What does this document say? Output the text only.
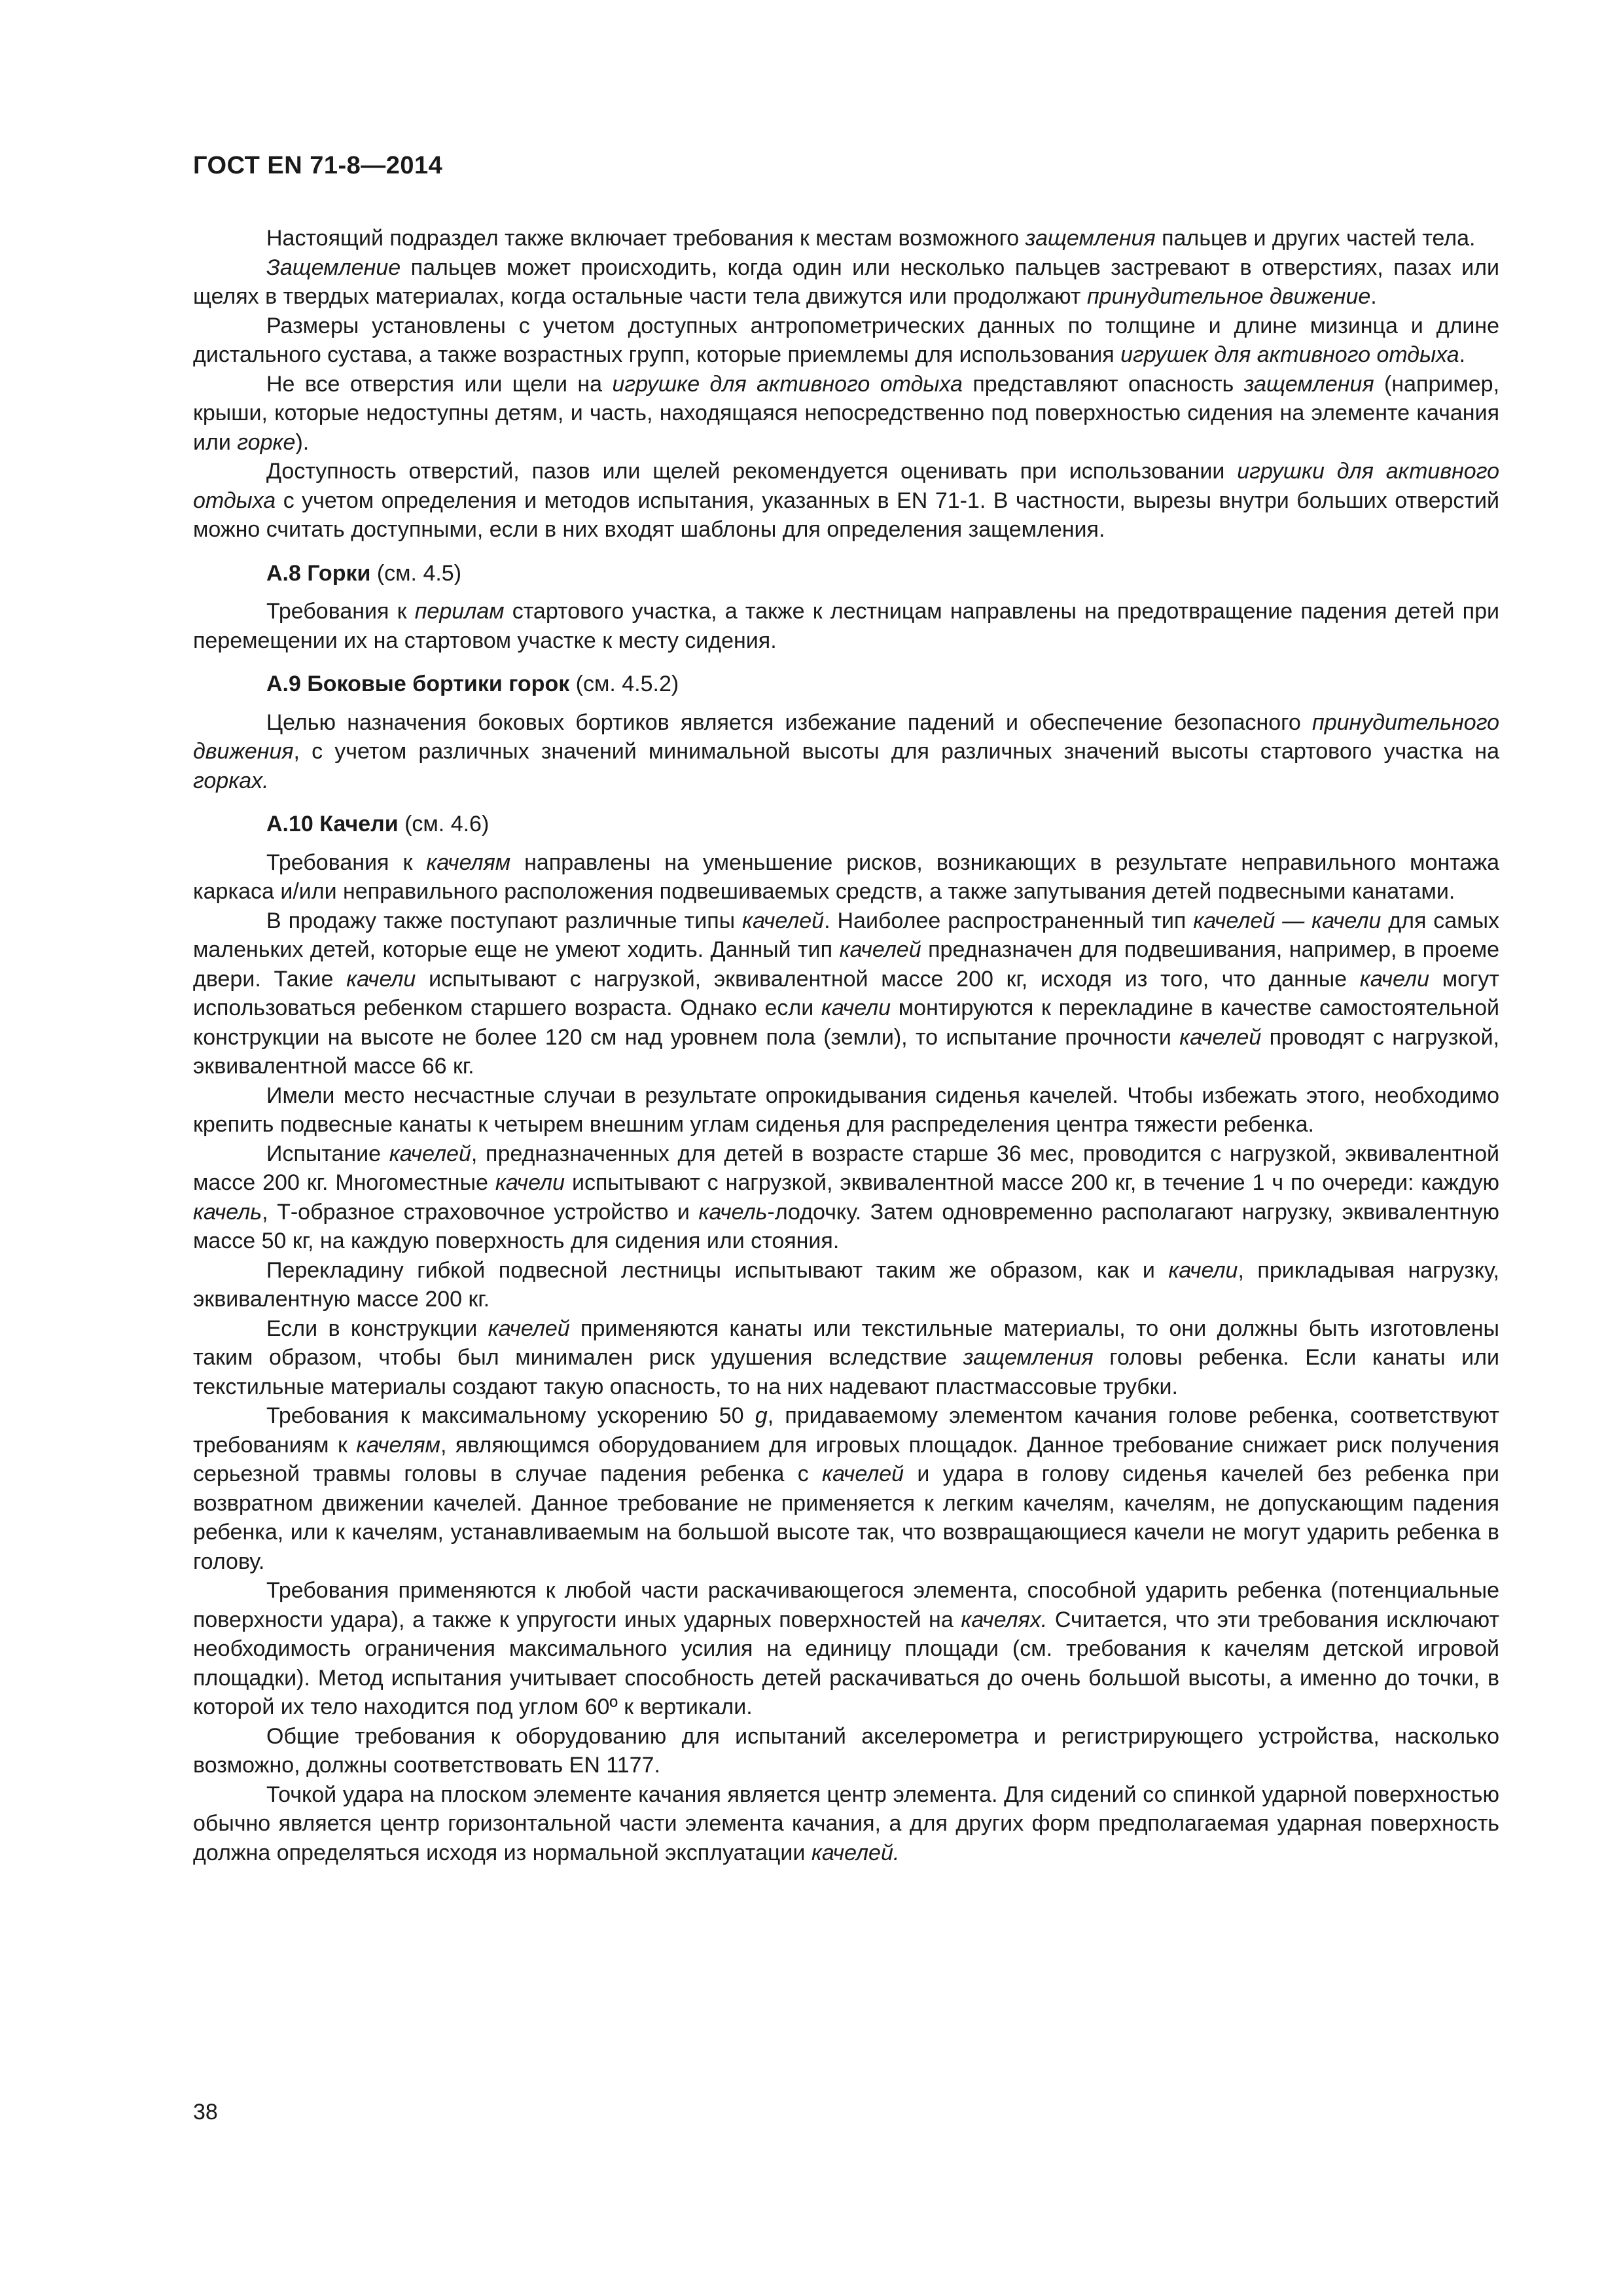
ГОСТ EN 71-8—2014

Настоящий подраздел также включает требования к местам возможного защемления пальцев и других частей тела.

Защемление пальцев может происходить, когда один или несколько пальцев застревают в отверстиях, пазах или щелях в твердых материалах, когда остальные части тела движутся или продолжают принудительное движение.

Размеры установлены с учетом доступных антропометрических данных по толщине и длине мизинца и длине дистального сустава, а также возрастных групп, которые приемлемы для использования игрушек для активного отдыха.

Не все отверстия или щели на игрушке для активного отдыха представляют опасность защемления (например, крыши, которые недоступны детям, и часть, находящаяся непосредственно под поверхностью сидения на элементе качания или горке).

Доступность отверстий, пазов или щелей рекомендуется оценивать при использовании игрушки для активного отдыха с учетом определения и методов испытания, указанных в EN 71-1. В частности, вырезы внутри больших отверстий можно считать доступными, если в них входят шаблоны для определения защемления.

А.8 Горки (см. 4.5)

Требования к перилам стартового участка, а также к лестницам направлены на предотвращение падения детей при перемещении их на стартовом участке к месту сидения.

А.9 Боковые бортики горок (см. 4.5.2)

Целью назначения боковых бортиков является избежание падений и обеспечение безопасного принудительного движения, с учетом различных значений минимальной высоты для различных значений высоты стартового участка на горках.

А.10 Качели (см. 4.6)

Требования к качелям направлены на уменьшение рисков, возникающих в результате неправильного монтажа каркаса и/или неправильного расположения подвешиваемых средств, а также запутывания детей подвесными канатами.

В продажу также поступают различные типы качелей. Наиболее распространенный тип качелей — качели для самых маленьких детей, которые еще не умеют ходить. Данный тип качелей предназначен для подвешивания, например, в проеме двери. Такие качели испытывают с нагрузкой, эквивалентной массе 200 кг, исходя из того, что данные качели могут использоваться ребенком старшего возраста. Однако если качели монтируются к перекладине в качестве самостоятельной конструкции на высоте не более 120 см над уровнем пола (земли), то испытание прочности качелей проводят с нагрузкой, эквивалентной массе 66 кг.

Имели место несчастные случаи в результате опрокидывания сиденья качелей. Чтобы избежать этого, необходимо крепить подвесные канаты к четырем внешним углам сиденья для распределения центра тяжести ребенка.

Испытание качелей, предназначенных для детей в возрасте старше 36 мес, проводится с нагрузкой, эквивалентной массе 200 кг. Многоместные качели испытывают с нагрузкой, эквивалентной массе 200 кг, в течение 1 ч по очереди: каждую качель, Т-образное страховочное устройство и качель-лодочку. Затем одновременно располагают нагрузку, эквивалентную массе 50 кг, на каждую поверхность для сидения или стояния.

Перекладину гибкой подвесной лестницы испытывают таким же образом, как и качели, прикладывая нагрузку, эквивалентную массе 200 кг.

Если в конструкции качелей применяются канаты или текстильные материалы, то они должны быть изготовлены таким образом, чтобы был минимален риск удушения вследствие защемления головы ребенка. Если канаты или текстильные материалы создают такую опасность, то на них надевают пластмассовые трубки.

Требования к максимальному ускорению 50 g, придаваемому элементом качания голове ребенка, соответствуют требованиям к качелям, являющимся оборудованием для игровых площадок. Данное требование снижает риск получения серьезной травмы головы в случае падения ребенка с качелей и удара в голову сиденья качелей без ребенка при возвратном движении качелей. Данное требование не применяется к легким качелям, качелям, не допускающим падения ребенка, или к качелям, устанавливаемым на большой высоте так, что возвращающиеся качели не могут ударить ребенка в голову.

Требования применяются к любой части раскачивающегося элемента, способной ударить ребенка (потенциальные поверхности удара), а также к упругости иных ударных поверхностей на качелях. Считается, что эти требования исключают необходимость ограничения максимального усилия на единицу площади (см. требования к качелям детской игровой площадки). Метод испытания учитывает способность детей раскачиваться до очень большой высоты, а именно до точки, в которой их тело находится под углом 60º к вертикали.

Общие требования к оборудованию для испытаний акселерометра и регистрирующего устройства, насколько возможно, должны соответствовать EN 1177.

Точкой удара на плоском элементе качания является центр элемента. Для сидений со спинкой ударной поверхностью обычно является центр горизонтальной части элемента качания, а для других форм предполагаемая ударная поверхность должна определяться исходя из нормальной эксплуатации качелей.

38
